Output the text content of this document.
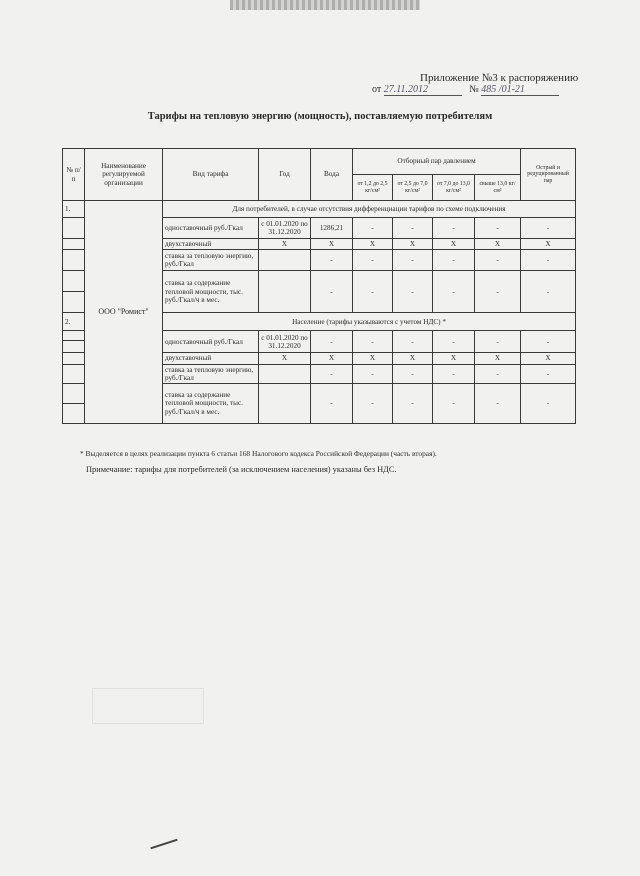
Приложение №3 к распоряжению
от 27.11.2012	№ 485 /01-21
Тарифы на тепловую энергию (мощность), поставляемую потребителям
№ п/п	Наименование регулируемой организации	Вид тарифа	Год	Вода	Отборный пар давлением				Острый и редуцированный пар
					от 1,2 до 2,5 кг/см²	от 2,5 до 7,0 кг/см²	от 7,0 до 13,0 кг/см²	свыше 13,0 кг/см²	
1.	ООО "Ромист"	Для потребителей, в случае отсутствия дифференциации тарифов по схеме подключения							
		одноставочный руб./Гкал	с 01.01.2020 по 31.12.2020	1286,21	-	-	-	-	-
		двухставочный	X	X	X	X	X	X	X
		ставка за тепловую энергию, руб./Гкал		-	-	-	-	-	-
		ставка за содержание тепловой мощности, тыс. руб./Гкал/ч в мес.		-	-	-	-	-	-

2.		Население (тарифы указываются с учетом НДС) *							
		одноставочный руб./Гкал	с 01.01.2020 по 31.12.2020	-	-	-	-	-	-

		двухставочный	X	X	X	X	X	X	X
		ставка за тепловую энергию, руб./Гкал		-	-	-	-	-	-
		ставка за содержание тепловой мощности, тыс. руб./Гкал/ч в мес.		-	-	-	-	-	-

* Выделяется в целях реализации пункта 6 статьи 168 Налогового кодекса Российской Федерации (часть вторая).
Примечание: тарифы для потребителей (за исключением населения) указаны без НДС.
